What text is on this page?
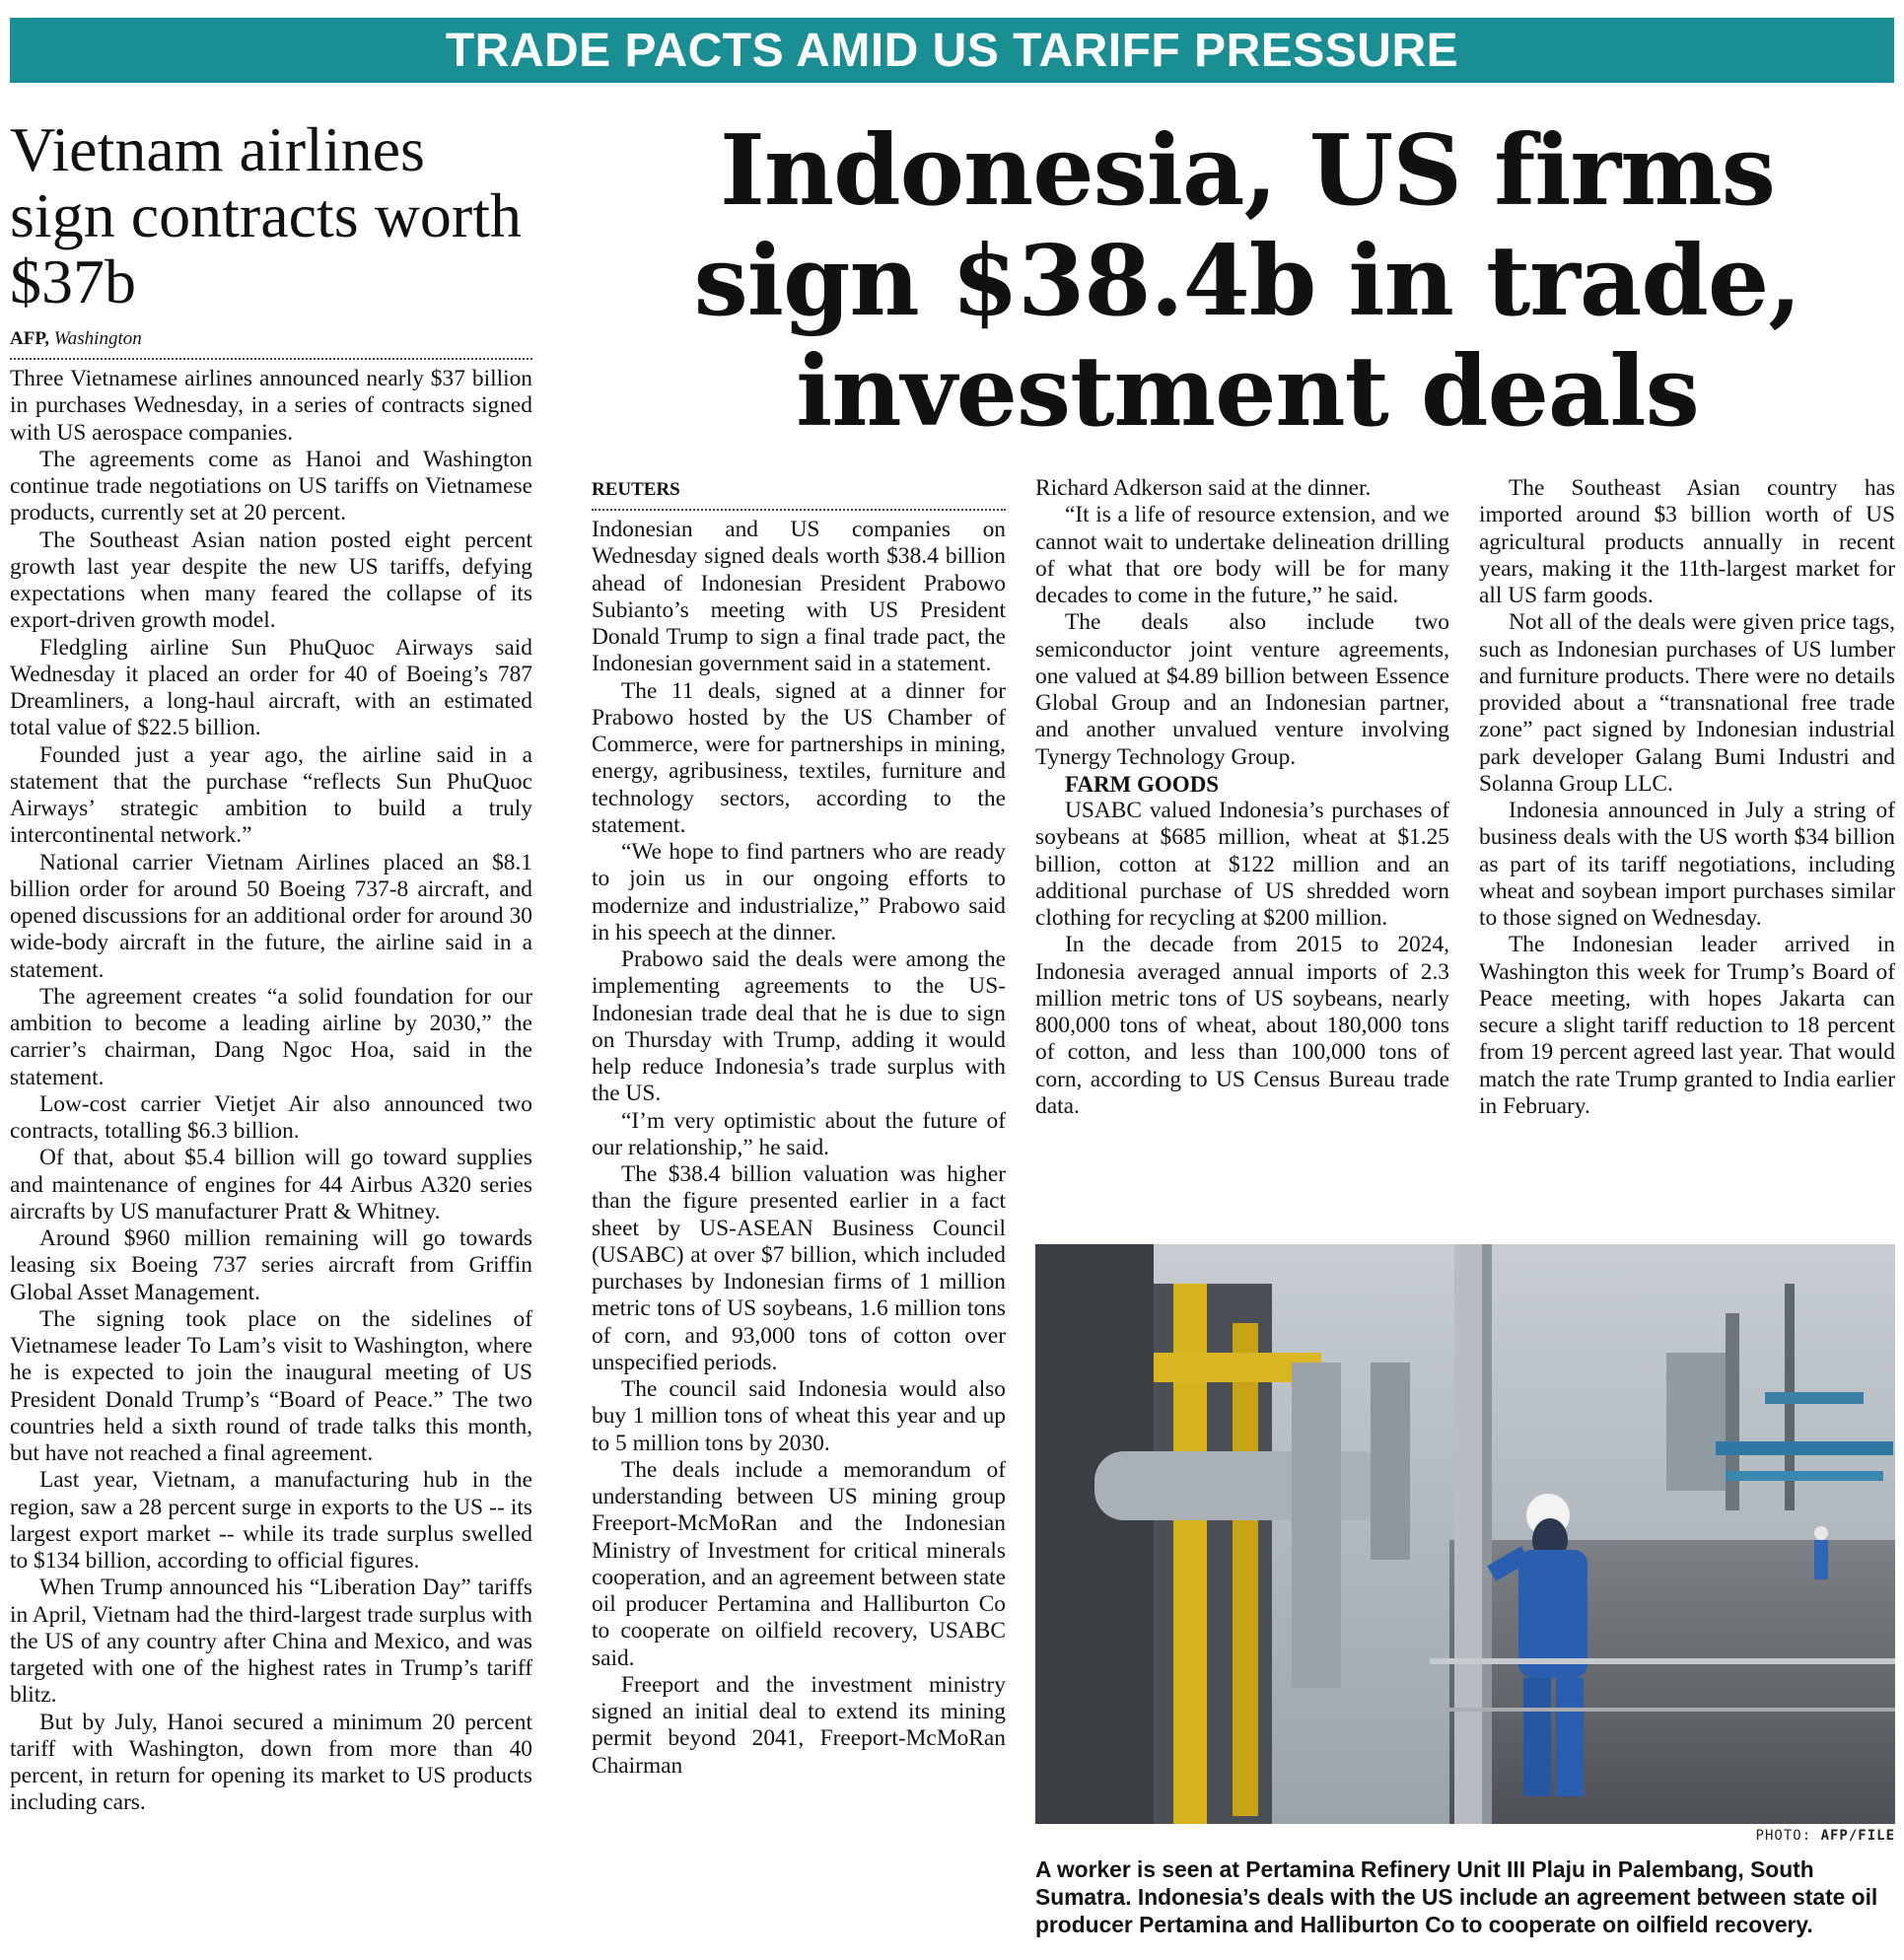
TRADE PACTS AMID US TARIFF PRESSURE
Vietnam airlines sign contracts worth $37b
AFP, Washington

Three Vietnamese airlines announced nearly $37 billion in purchases Wednesday, in a series of contracts signed with US aerospace companies.

The agreements come as Hanoi and Washington continue trade negotiations on US tariffs on Vietnamese products, currently set at 20 percent.

The Southeast Asian nation posted eight percent growth last year despite the new US tariffs, defying expectations when many feared the collapse of its export-driven growth model.

Fledgling airline Sun PhuQuoc Airways said Wednesday it placed an order for 40 of Boeing’s 787 Dreamliners, a long-haul aircraft, with an estimated total value of $22.5 billion.

Founded just a year ago, the airline said in a statement that the purchase “reflects Sun PhuQuoc Airways’ strategic ambition to build a truly intercontinental network.”

National carrier Vietnam Airlines placed an $8.1 billion order for around 50 Boeing 737-8 aircraft, and opened discussions for an additional order for around 30 wide-body aircraft in the future, the airline said in a statement.

The agreement creates “a solid foundation for our ambition to become a leading airline by 2030,” the carrier’s chairman, Dang Ngoc Hoa, said in the statement.

Low-cost carrier Vietjet Air also announced two contracts, totalling $6.3 billion.

Of that, about $5.4 billion will go toward supplies and maintenance of engines for 44 Airbus A320 series aircrafts by US manufacturer Pratt & Whitney.

Around $960 million remaining will go towards leasing six Boeing 737 series aircraft from Griffin Global Asset Management.

The signing took place on the sidelines of Vietnamese leader To Lam’s visit to Washington, where he is expected to join the inaugural meeting of US President Donald Trump’s “Board of Peace.” The two countries held a sixth round of trade talks this month, but have not reached a final agreement.

Last year, Vietnam, a manufacturing hub in the region, saw a 28 percent surge in exports to the US -- its largest export market -- while its trade surplus swelled to $134 billion, according to official figures.

When Trump announced his “Liberation Day” tariffs in April, Vietnam had the third-largest trade surplus with the US of any country after China and Mexico, and was targeted with one of the highest rates in Trump’s tariff blitz.

But by July, Hanoi secured a minimum 20 percent tariff with Washington, down from more than 40 percent, in return for opening its market to US products including cars.

Indonesia, US firms sign $38.4b in trade, investment deals
REUTERS

Indonesian and US companies on Wednesday signed deals worth $38.4 billion ahead of Indonesian President Prabowo Subianto’s meeting with US President Donald Trump to sign a final trade pact, the Indonesian government said in a statement.

The 11 deals, signed at a dinner for Prabowo hosted by the US Chamber of Commerce, were for partnerships in mining, energy, agribusiness, textiles, furniture and technology sectors, according to the statement.

“We hope to find partners who are ready to join us in our ongoing efforts to modernize and industrialize,” Prabowo said in his speech at the dinner.

Prabowo said the deals were among the implementing agreements to the US-Indonesian trade deal that he is due to sign on Thursday with Trump, adding it would help reduce Indonesia’s trade surplus with the US.

“I’m very optimistic about the future of our relationship,” he said.

The $38.4 billion valuation was higher than the figure presented earlier in a fact sheet by US-ASEAN Business Council (USABC) at over $7 billion, which included purchases by Indonesian firms of 1 million metric tons of US soybeans, 1.6 million tons of corn, and 93,000 tons of cotton over unspecified periods.

The council said Indonesia would also buy 1 million tons of wheat this year and up to 5 million tons by 2030.

The deals include a memorandum of understanding between US mining group Freeport-McMoRan and the Indonesian Ministry of Investment for critical minerals cooperation, and an agreement between state oil producer Pertamina and Halliburton Co to cooperate on oilfield recovery, USABC said.

Freeport and the investment ministry signed an initial deal to extend its mining permit beyond 2041, Freeport-McMoRan Chairman

Richard Adkerson said at the dinner.

“It is a life of resource extension, and we cannot wait to undertake delineation drilling of what that ore body will be for many decades to come in the future,” he said.

The deals also include two semiconductor joint venture agreements, one valued at $4.89 billion between Essence Global Group and an Indonesian partner, and another unvalued venture involving Tynergy Technology Group.

FARM GOODS

USABC valued Indonesia’s purchases of soybeans at $685 million, wheat at $1.25 billion, cotton at $122 million and an additional purchase of US shredded worn clothing for recycling at $200 million.

In the decade from 2015 to 2024, Indonesia averaged annual imports of 2.3 million metric tons of US soybeans, nearly 800,000 tons of wheat, about 180,000 tons of cotton, and less than 100,000 tons of corn, according to US Census Bureau trade data.

The Southeast Asian country has imported around $3 billion worth of US agricultural products annually in recent years, making it the 11th-largest market for all US farm goods.

Not all of the deals were given price tags, such as Indonesian purchases of US lumber and furniture products. There were no details provided about a “transnational free trade zone” pact signed by Indonesian industrial park developer Galang Bumi Industri and Solanna Group LLC.

Indonesia announced in July a string of business deals with the US worth $34 billion as part of its tariff negotiations, including wheat and soybean import purchases similar to those signed on Wednesday.

The Indonesian leader arrived in Washington this week for Trump’s Board of Peace meeting, with hopes Jakarta can secure a slight tariff reduction to 18 percent from 19 percent agreed last year. That would match the rate Trump granted to India earlier in February.

PHOTO: AFP/FILE

A worker is seen at Pertamina Refinery Unit III Plaju in Palembang, South Sumatra. Indonesia’s deals with the US include an agreement between state oil producer Pertamina and Halliburton Co to cooperate on oilfield recovery.
